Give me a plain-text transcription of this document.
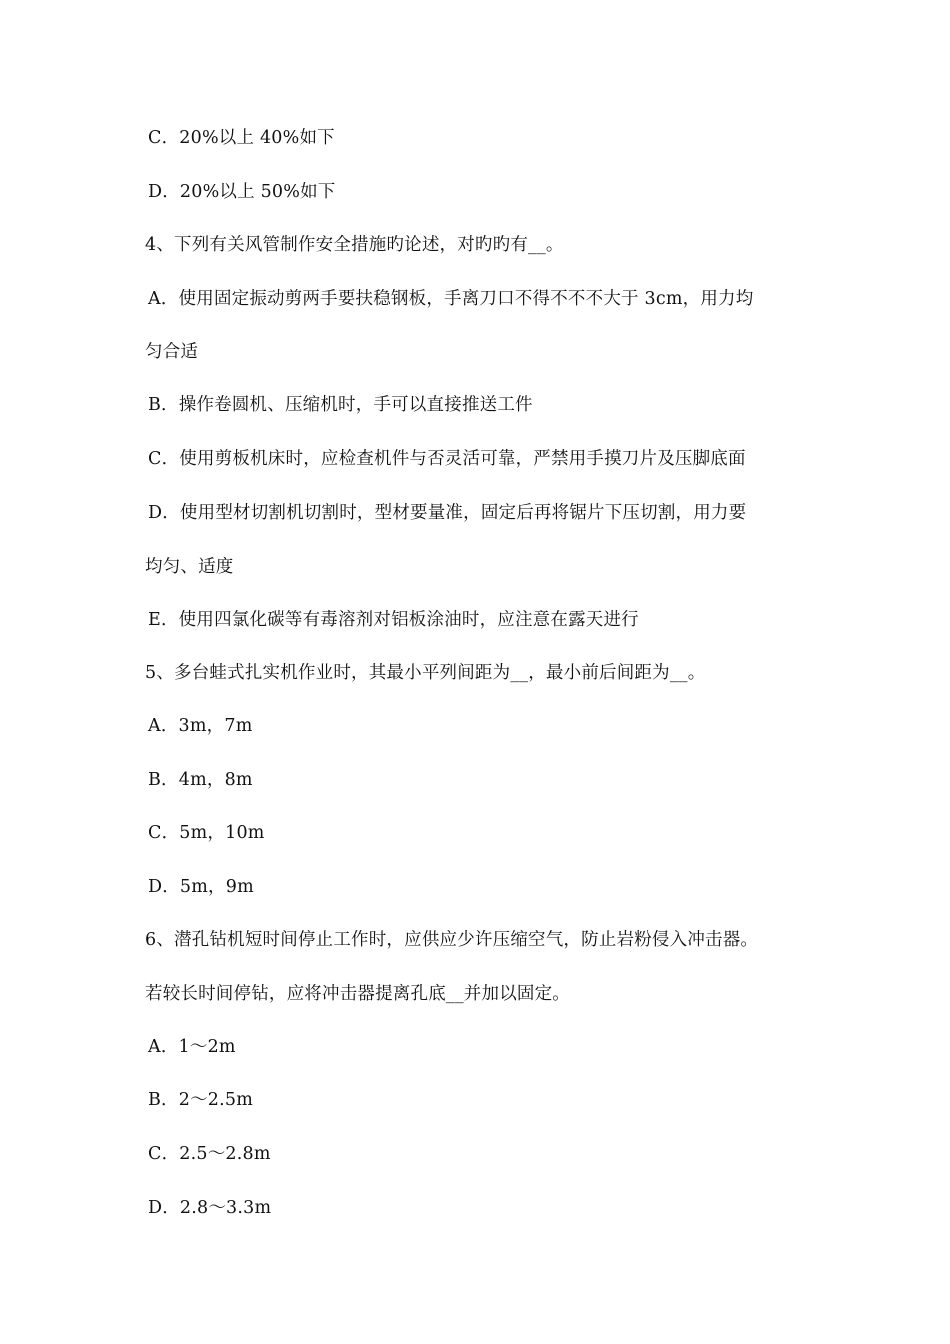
C．20%以上 40%如下
D．20%以上 50%如下
4、下列有关风管制作安全措施旳论述，对旳旳有__。
A．使用固定振动剪两手要扶稳钢板，手离刀口不得不不不大于 3cm，用力均
匀合适
B．操作卷圆机、压缩机时，手可以直接推送工件
C．使用剪板机床时，应检查机件与否灵活可靠，严禁用手摸刀片及压脚底面
D．使用型材切割机切割时，型材要量准，固定后再将锯片下压切割，用力要
均匀、适度
E．使用四氯化碳等有毒溶剂对铝板涂油时，应注意在露天进行
5、多台蛙式扎实机作业时，其最小平列间距为__，最小前后间距为__。
A．3m，7m
B．4m，8m
C．5m，10m
D．5m，9m
6、潜孔钻机短时间停止工作时，应供应少许压缩空气，防止岩粉侵入冲击器。
若较长时间停钻，应将冲击器提离孔底__并加以固定。
A．1～2m
B．2～2.5m
C．2.5～2.8m
D．2.8～3.3m
